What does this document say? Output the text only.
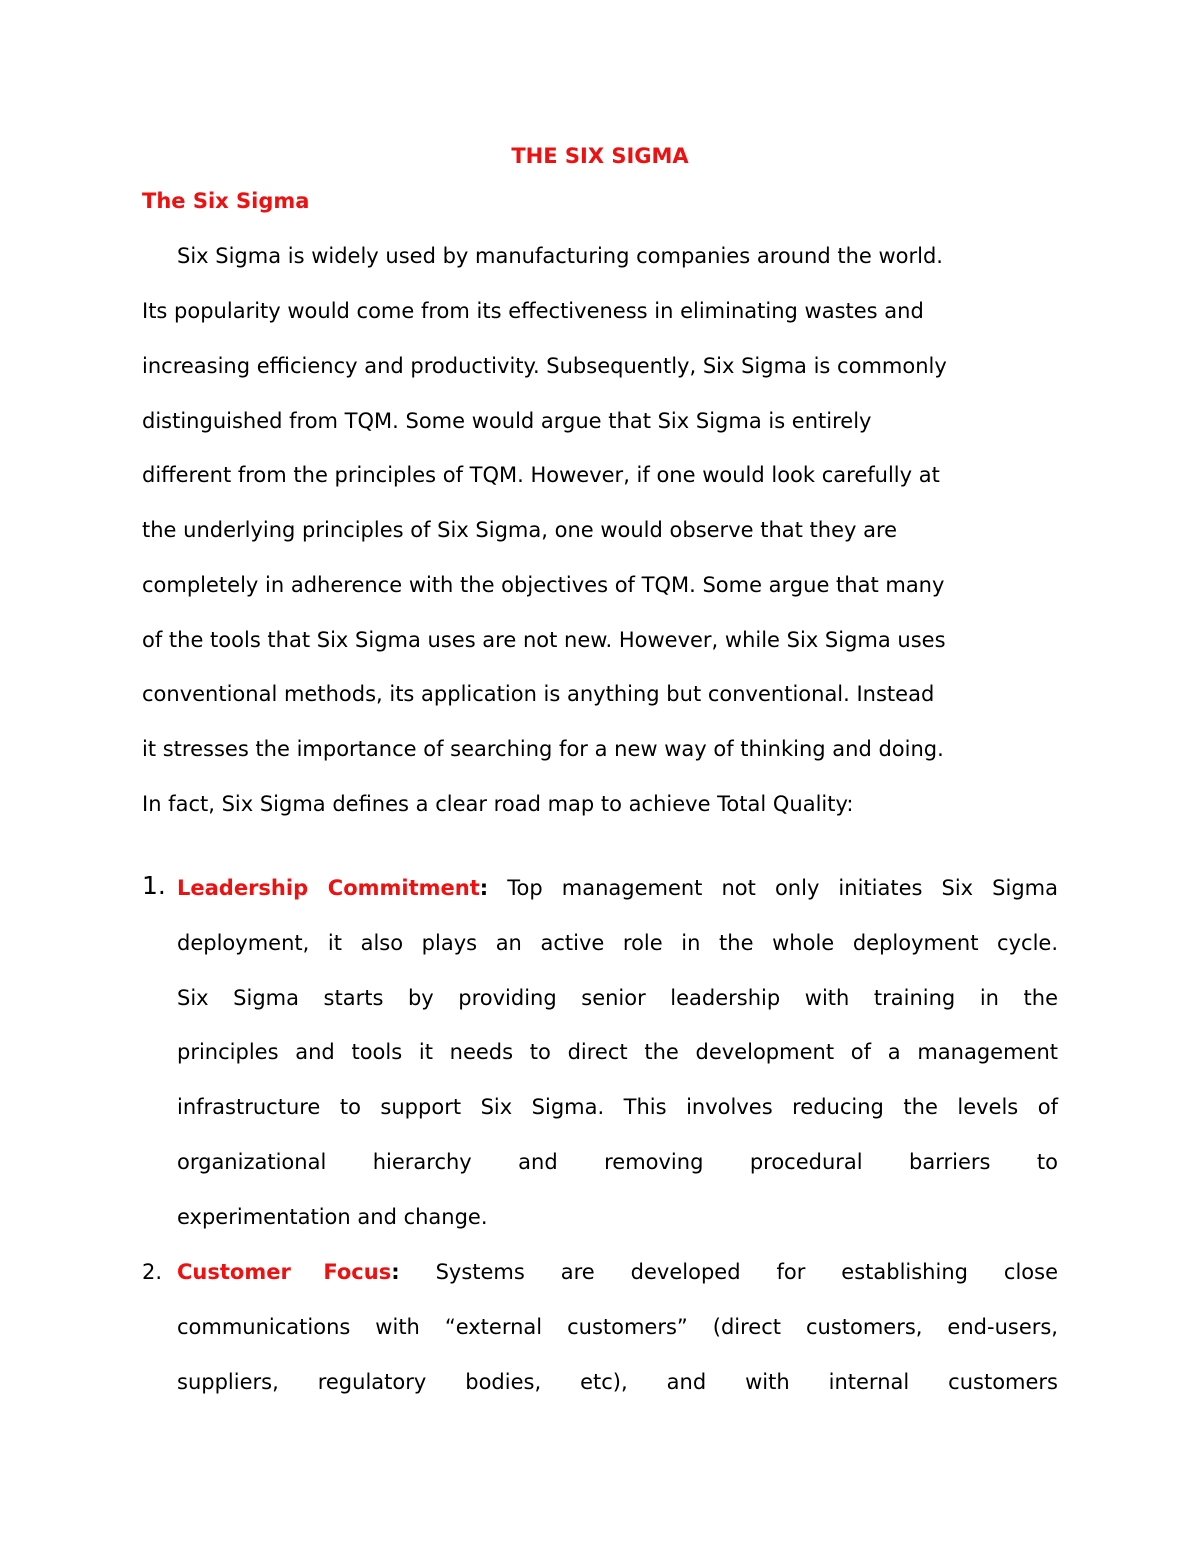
THE SIX SIGMA
The Six Sigma
Six Sigma is widely used by manufacturing companies around the world.
Its popularity would come from its effectiveness in eliminating wastes and
increasing efficiency and productivity. Subsequently, Six Sigma is commonly
distinguished from TQM. Some would argue that Six Sigma is entirely
different from the principles of TQM. However, if one would look carefully at
the underlying principles of Six Sigma, one would observe that they are
completely in adherence with the objectives of TQM. Some argue that many
of the tools that Six Sigma uses are not new. However, while Six Sigma uses
conventional methods, its application is anything but conventional. Instead
it stresses the importance of searching for a new way of thinking and doing.
In fact, Six Sigma defines a clear road map to achieve Total Quality:
1. Leadership Commitment: Top management not only initiates Six Sigma
deployment, it also plays an active role in the whole deployment cycle.
Six Sigma starts by providing senior leadership with training in the
principles and tools it needs to direct the development of a management
infrastructure to support Six Sigma. This involves reducing the levels of
organizational hierarchy and removing procedural barriers to
experimentation and change.
2. Customer Focus: Systems are developed for establishing close
communications with “external customers” (direct customers, end-users,
suppliers, regulatory bodies, etc), and with internal customers
